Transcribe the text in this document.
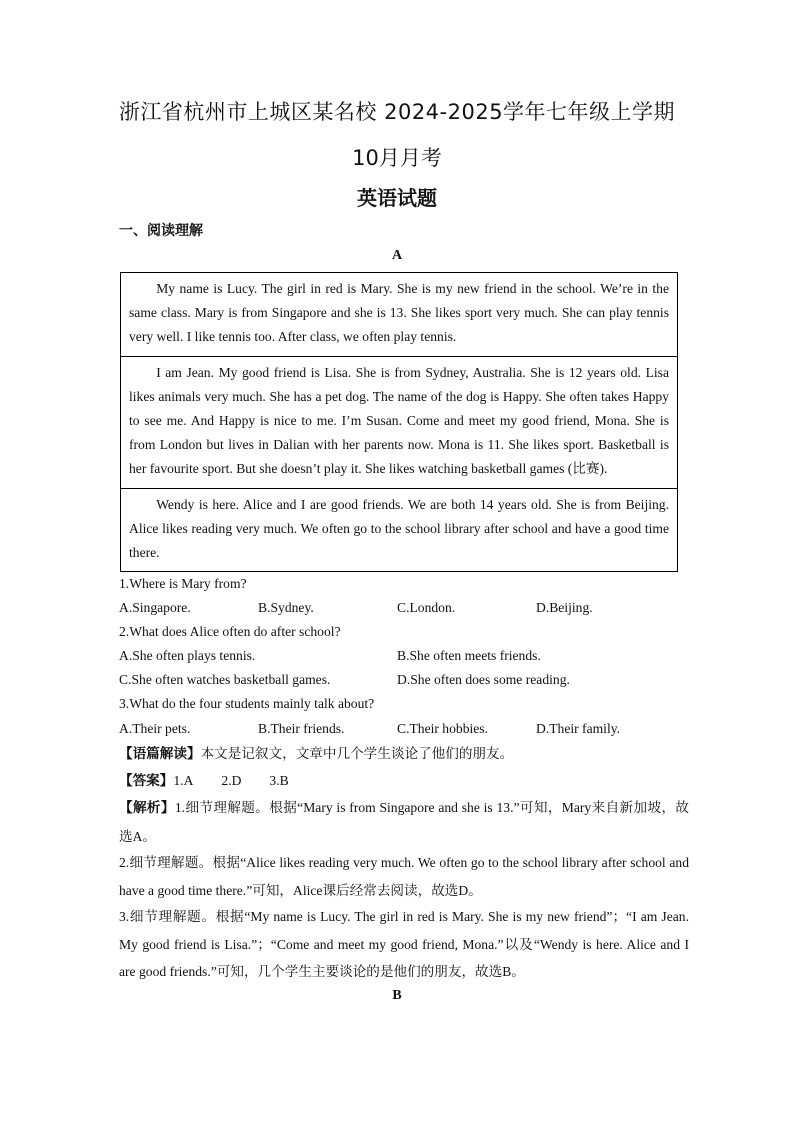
浙江省杭州市上城区某名校 2024-2025学年七年级上学期
10月月考
英语试题
一、阅读理解
A
My name is Lucy. The girl in red is Mary. She is my new friend in the school. We’re in the same class. Mary is from Singapore and she is 13. She likes sport very much. She can play tennis very well. I like tennis too. After class, we often play tennis.
I am Jean. My good friend is Lisa. She is from Sydney, Australia. She is 12 years old. Lisa likes animals very much. She has a pet dog. The name of the dog is Happy. She often takes Happy to see me. And Happy is nice to me. I’m Susan. Come and meet my good friend, Mona. She is from London but lives in Dalian with her parents now. Mona is 11. She likes sport. Basketball is her favourite sport. But she doesn’t play it. She likes watching basketball games (比赛).
Wendy is here. Alice and I are good friends. We are both 14 years old. She is from Beijing. Alice likes reading very much. We often go to the school library after school and have a good time there.
1.Where is Mary from?
A.Singapore.	B.Sydney.	C.London.	D.Beijing.
2.What does Alice often do after school?
A.She often plays tennis.	B.She often meets friends.
C.She often watches basketball games.	D.She often does some reading.
3.What do the four students mainly talk about?
A.Their pets.	B.Their friends.	C.Their hobbies.	D.Their family.
【语篇解读】本文是记叙文，文章中几个学生谈论了他们的朋友。
【答案】1.A 2.D 3.B
【解析】1.细节理解题。根据“Mary is from Singapore and she is 13.”可知，Mary来自新加坡，故选A。
2.细节理解题。根据“Alice likes reading very much. We often go to the school library after school and have a good time there.”可知，Alice课后经常去阅读，故选D。
3.细节理解题。根据“My name is Lucy. The girl in red is Mary. She is my new friend”；“I am Jean. My good friend is Lisa.”；“Come and meet my good friend, Mona.”以及“Wendy is here. Alice and I are good friends.”可知，几个学生主要谈论的是他们的朋友，故选B。
B
